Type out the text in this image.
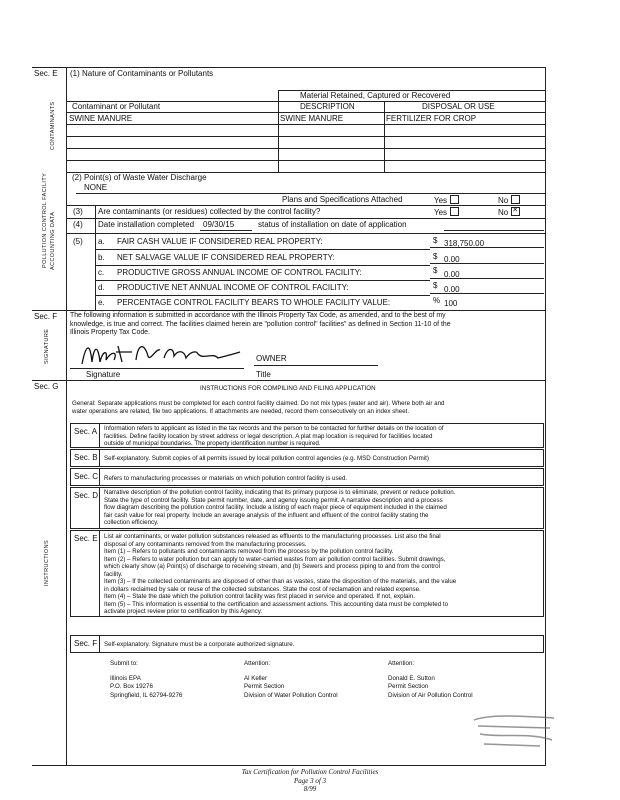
Sec. E
POLLUTION CONTROL FACILITY
CONTAMINANTS
ACCOUNTING DATA
(1) Nature of Contaminants or Pollutants
Material Retained, Captured or Recovered
Contaminant or Pollutant	DESCRIPTION	DISPOSAL OR USE
SWINE MANURE	SWINE MANURE	FERTILIZER FOR CROP
(2) Point(s) of Waste Water Discharge
NONE
Plans and Specifications Attached	Yes	No
(3) Are contaminants (or residues) collected by the control facility?	Yes	No✕
(4) Date installation completed 09/30/15	status of installation on date of application
(5) a. FAIR CASH VALUE IF CONSIDERED REAL PROPERTY:	$ 318,750.00
b. NET SALVAGE VALUE IF CONSIDERED REAL PROPERTY:	$ 0.00
c. PRODUCTIVE GROSS ANNUAL INCOME OF CONTROL FACILITY:	$ 0.00
d. PRODUCTIVE NET ANNUAL INCOME OF CONTROL FACILITY:	$ 0.00
e. PERCENTAGE CONTROL FACILITY BEARS TO WHOLE FACILITY VALUE:	% 100
Sec. F
SIGNATURE
The following information is submitted in accordance with the Illinois Property Tax Code, as amended, and to the best of my
knowledge, is true and correct. The facilities claimed herein are "pollution control" facilities" as defined in Section 11-10 of the
Illinois Property Tax Code.
OWNER
Signature	Title
Sec. G
INSTRUCTIONS
INSTRUCTIONS FOR COMPILING AND FILING APPLICATION
General: Separate applications must be completed for each control facility claimed. Do not mix types (water and air). Where both air and
water operations are related, file two applications. If attachments are needed, record them consecutively on an index sheet.
Sec. A Information refers to applicant as listed in the tax records and the person to be contacted for further details on the location of
facilities. Define facility location by street address or legal description. A plat map location is required for facilities located
outside of municipal boundaries. The property identification number is required.
Sec. B Self-explanatory. Submit copies of all permits issued by local pollution control agencies (e.g. MSD Construction Permit)
Sec. C Refers to manufacturing processes or materials on which pollution control facility is used.
Sec. D Narrative description of the pollution control facility, indicating that its primary purpose is to eliminate, prevent or reduce pollution.
State the type of control facility. State permit number, date, and agency issuing permit. A narrative description and a process
flow diagram describing the pollution control facility. Include a listing of each major piece of equipment included in the claimed
fair cash value for real property. Include an average analysis of the influent and effluent of the control facility stating the
collection efficiency.
Sec. E List air contaminants, or water pollution substances released as effluents to the manufacturing processes. List also the final
disposal of any contaminants removed from the manufacturing processes.
Item (1) – Refers to pollutants and contaminants removed from the process by the pollution control facility.
Item (2) – Refers to water pollution but can apply to water-carried wastes from air pollution control facilities. Submit drawings,
which clearly show (a) Point(s) of discharge to receiving stream, and (b) Sewers and process piping to and from the control
facility.
Item (3) – If the collected contaminants are disposed of other than as wastes, state the disposition of the materials, and the value
in dollars reclaimed by sale or reuse of the collected substances. State the cost of reclamation and related expense.
Item (4) – State the date which the pollution control facility was first placed in service and operated. If not, explain.
Item (5) – This information is essential to the certification and assessment actions. This accounting data must be completed to
activate project review prior to certification by this Agency.
Sec. F Self-explanatory. Signature must be a corporate authorized signature.
Submit to:
Illinois EPA
P.O. Box 19276
Springfield, IL 62794-9276
Attention:
Al Keller
Permit Section
Division of Water Pollution Control
Attention:
Donald E. Sutton
Permit Section
Division of Air Pollution Control
Tax Certification for Pollution Control Facilities
Page 3 of 3
8/99
